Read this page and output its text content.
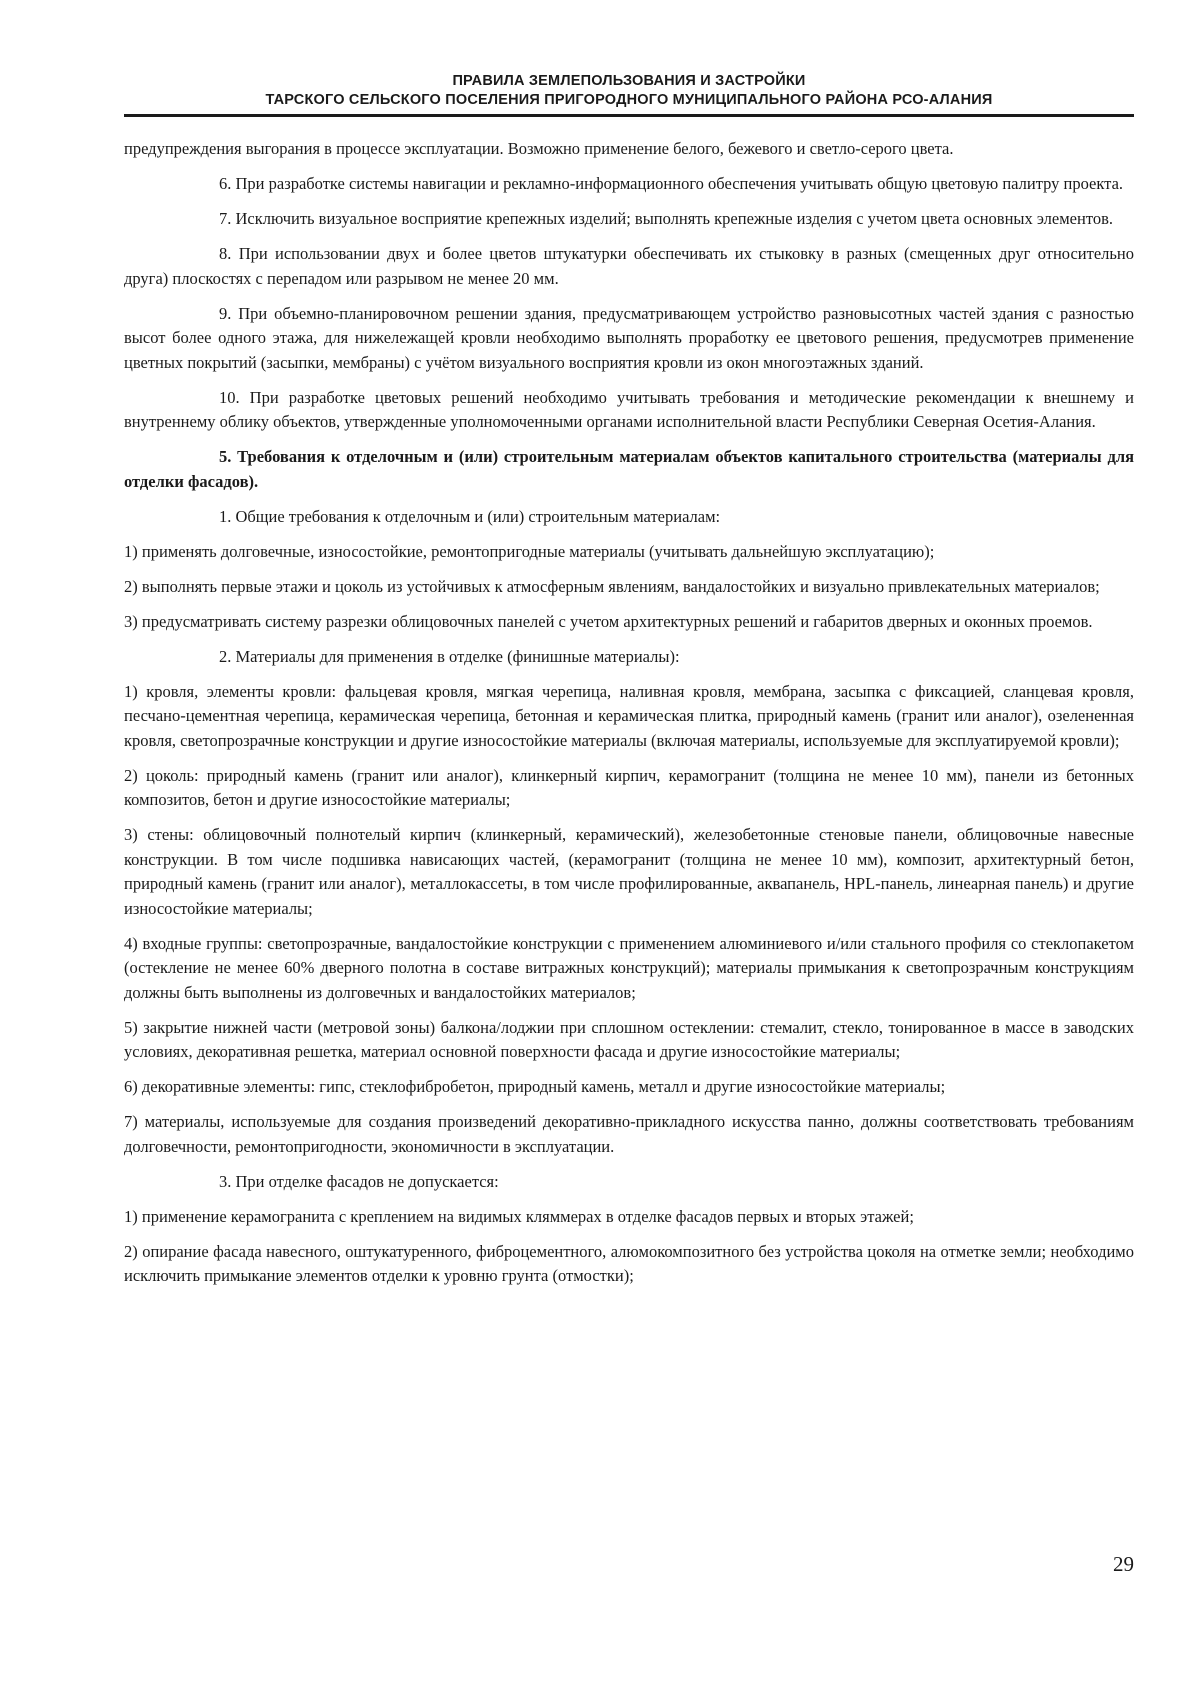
ПРАВИЛА ЗЕМЛЕПОЛЬЗОВАНИЯ И ЗАСТРОЙКИ
ТАРСКОГО СЕЛЬСКОГО ПОСЕЛЕНИЯ ПРИГОРОДНОГО МУНИЦИПАЛЬНОГО РАЙОНА РСО-АЛАНИЯ

предупреждения выгорания в процессе эксплуатации. Возможно применение белого, бежевого и светло-серого цвета.

6. При разработке системы навигации и рекламно-информационного обеспечения учитывать общую цветовую палитру проекта.

7. Исключить визуальное восприятие крепежных изделий; выполнять крепежные изделия с учетом цвета основных элементов.

8. При использовании двух и более цветов штукатурки обеспечивать их стыковку в разных (смещенных друг относительно друга) плоскостях с перепадом или разрывом не менее 20 мм.

9. При объемно-планировочном решении здания, предусматривающем устройство разновысотных частей здания с разностью высот более одного этажа, для нижележащей кровли необходимо выполнять проработку ее цветового решения, предусмотрев применение цветных покрытий (засыпки, мембраны) с учётом визуального восприятия кровли из окон многоэтажных зданий.

10. При разработке цветовых решений необходимо учитывать требования и методические рекомендации к внешнему и внутреннему облику объектов, утвержденные уполномоченными органами исполнительной власти Республики Северная Осетия-Алания.

5. Требования к отделочным и (или) строительным материалам объектов капитального строительства (материалы для отделки фасадов).

1. Общие требования к отделочным и (или) строительным материалам:

1) применять долговечные, износостойкие, ремонтопригодные материалы (учитывать дальнейшую эксплуатацию);

2) выполнять первые этажи и цоколь из устойчивых к атмосферным явлениям, вандалостойких и визуально привлекательных материалов;

3) предусматривать систему разрезки облицовочных панелей с учетом архитектурных решений и габаритов дверных и оконных проемов.

2. Материалы для применения в отделке (финишные материалы):

1) кровля, элементы кровли: фальцевая кровля, мягкая черепица, наливная кровля, мембрана, засыпка с фиксацией, сланцевая кровля, песчано-цементная черепица, керамическая черепица, бетонная и керамическая плитка, природный камень (гранит или аналог), озелененная кровля, светопрозрачные конструкции и другие износостойкие материалы (включая материалы, используемые для эксплуатируемой кровли);

2) цоколь: природный камень (гранит или аналог), клинкерный кирпич, керамогранит (толщина не менее 10 мм), панели из бетонных композитов, бетон и другие износостойкие материалы;

3) стены: облицовочный полнотелый кирпич (клинкерный, керамический), железобетонные стеновые панели, облицовочные навесные конструкции. В том числе подшивка нависающих частей, (керамогранит (толщина не менее 10 мм), композит, архитектурный бетон, природный камень (гранит или аналог), металлокассеты, в том числе профилированные, аквапанель, HPL-панель, линеарная панель) и другие износостойкие материалы;

4) входные группы: светопрозрачные, вандалостойкие конструкции с применением алюминиевого и/или стального профиля со стеклопакетом (остекление не менее 60% дверного полотна в составе витражных конструкций); материалы примыкания к светопрозрачным конструкциям должны быть выполнены из долговечных и вандалостойких материалов;

5) закрытие нижней части (метровой зоны) балкона/лоджии при сплошном остеклении: стемалит, стекло, тонированное в массе в заводских условиях, декоративная решетка, материал основной поверхности фасада и другие износостойкие материалы;

6) декоративные элементы: гипс, стеклофибробетон, природный камень, металл и другие износостойкие материалы;

7) материалы, используемые для создания произведений декоративно-прикладного искусства панно, должны соответствовать требованиям долговечности, ремонтопригодности, экономичности в эксплуатации.

3. При отделке фасадов не допускается:

1) применение керамогранита с креплением на видимых кляммерах в отделке фасадов первых и вторых этажей;

2) опирание фасада навесного, оштукатуренного, фиброцементного, алюмокомпозитного без устройства цоколя на отметке земли; необходимо исключить примыкание элементов отделки к уровню грунта (отмостки);

29
